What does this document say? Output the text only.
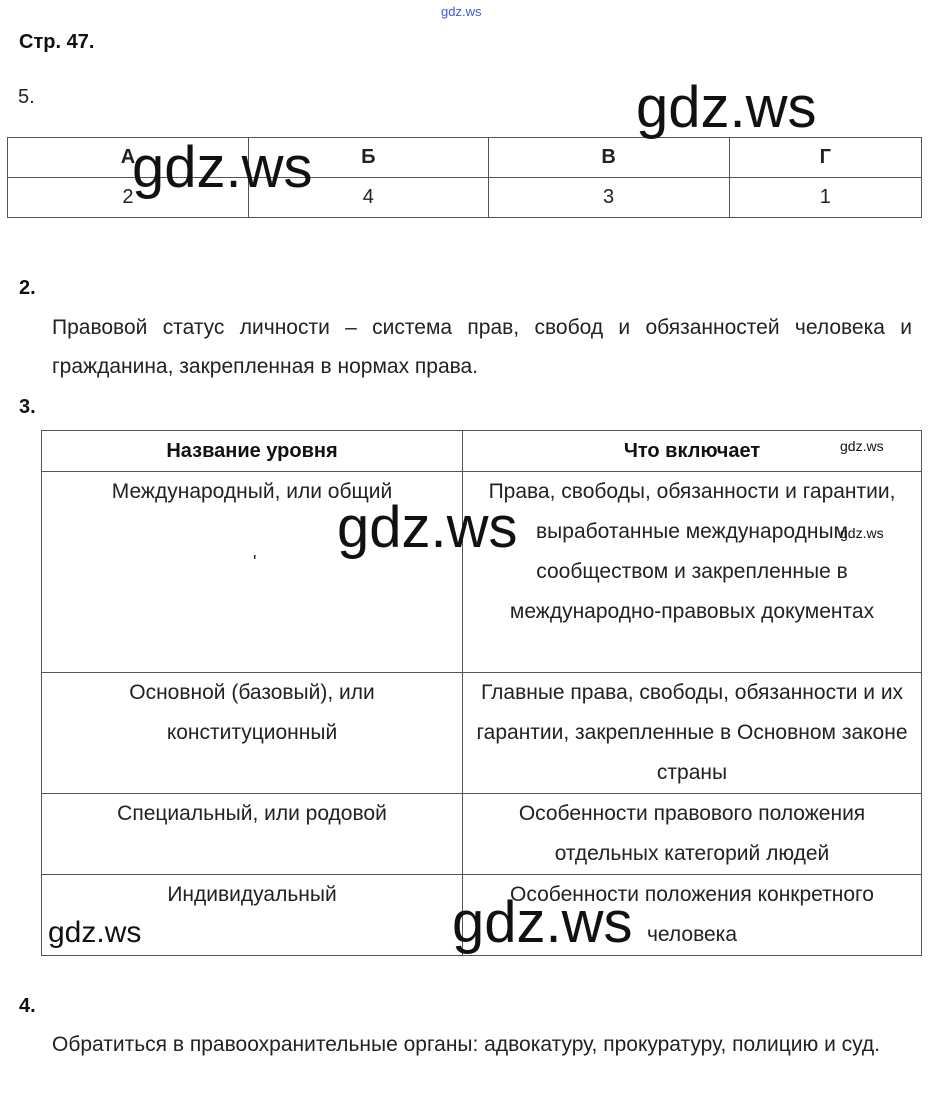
gdz.ws
Стр. 47.
5.
А	Б	В	Г
2	4	3	1
2.
Правовой статус личности – система прав, свобод и обязанностей человека и гражданина, закрепленная в нормах права.
3.
Название уровня	Что включает
Международный, или общий	Права, свободы, обязанности и гарантии, выработанные международным сообществом и закрепленные в международно-правовых документах
Основной (базовый), или конституционный	Главные права, свободы, обязанности и их гарантии, закрепленные в Основном законе страны
Специальный, или родовой	Особенности правового положения отдельных категорий людей
Индивидуальный	Особенности положения конкретного человека
ʹ
4.
Обратиться в правоохранительные органы: адвокатуру, прокуратуру, полицию и суд.
gdz.ws
gdz.ws
gdz.ws
gdz.ws
gdz.ws
gdz.ws
gdz.ws
